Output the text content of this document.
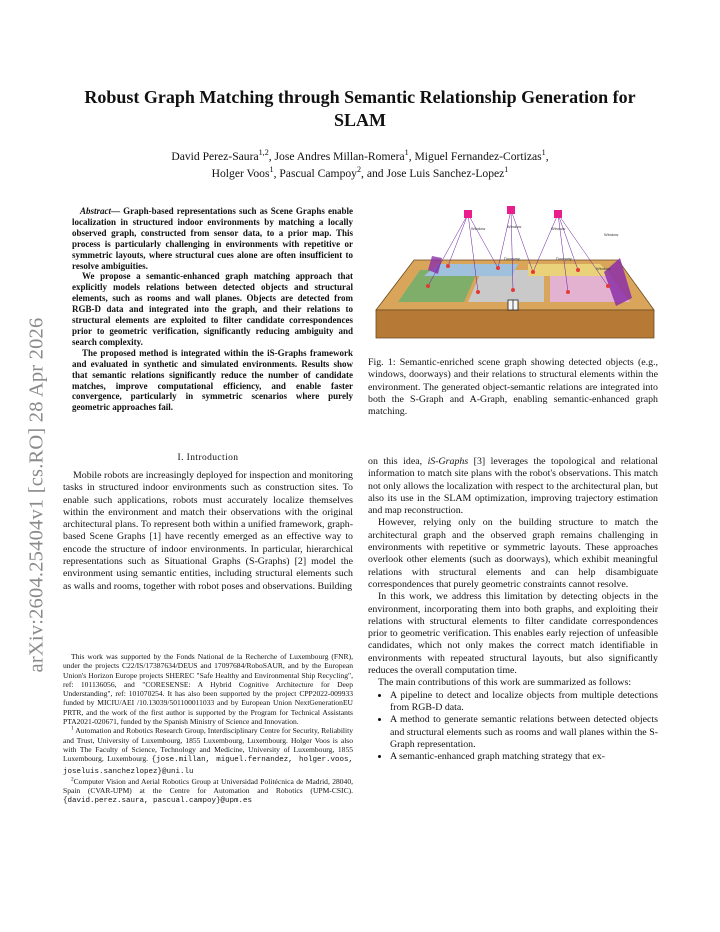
arXiv:2604.25404v1 [cs.RO] 28 Apr 2026
Robust Graph Matching through Semantic Relationship Generation for SLAM
David Perez-Saura$^{1,2}$, Jose Andres Millan-Romera$^1$, Miguel Fernandez-Cortizas$^1$,
Holger Voos$^1$, Pascual Campoy$^2$, and Jose Luis Sanchez-Lopez$^1$

Abstract— Graph-based representations such as Scene Graphs enable localization in structured indoor environments by matching a locally observed graph, constructed from sensor data, to a prior map. This process is particularly challenging in environments with repetitive or symmetric layouts, where structural cues alone are often insufficient to resolve ambiguities.

We propose a semantic-enhanced graph matching approach that explicitly models relations between detected objects and structural elements, such as rooms and wall planes. Objects are detected from RGB-D data and integrated into the graph, and their relations to structural elements are exploited to filter candidate correspondences prior to geometric verification, significantly reducing ambiguity and search complexity.

The proposed method is integrated within the iS-Graphs framework and evaluated in synthetic and simulated environments. Results show that semantic relations significantly reduce the number of candidate matches, improve computational efficiency, and enable faster convergence, particularly in symmetric scenarios where purely geometric approaches fail.

I. Introduction

Mobile robots are increasingly deployed for inspection and monitoring tasks in structured indoor environments such as construction sites. To enable such applications, robots must accurately localize themselves within the environment and match their observations with the original architectural plans. To represent both within a unified framework, graph-based Scene Graphs [1] have recently emerged as an effective way to encode the structure of indoor environments. In particular, hierarchical representations such as Situational Graphs (S-Graphs) [2] model the environment using semantic entities, including structural elements such as walls and rooms, together with robot poses and observations. Building

This work was supported by the Fonds National de la Recherche of Luxembourg (FNR), under the projects C22/IS/17387634/DEUS and 17097684/RoboSAUR, and by the European Union's Horizon Europe projects SHEREC "Safe Healthy and Environmental Ship Recycling", ref: 101136056, and "CORESENSE: A Hybrid Cognitive Architecture for Deep Understanding", ref: 101070254. It has also been supported by the project CPP2022-009933 funded by MICIU/AEI /10.13039/501100011033 and by European Union NextGenerationEU PRTR, and the work of the first author is supported by the Program for Technical Assistants PTA2021-020671, funded by the Spanish Ministry of Science and Innovation.

$^1$ Automation and Robotics Research Group, Interdisciplinary Centre for Security, Reliability and Trust, University of Luxembourg, 1855 Luxembourg, Luxembourg. Holger Voos is also with The Faculty of Science, Technology and Medicine, University of Luxembourg, 1855 Luxembourg, Luxembourg. {jose.millan, miguel.fernandez, holger.voos, joseluis.sanchezlopez}@uni.lu

$^2$Computer Vision and Aerial Robotics Group at Universidad Politécnica de Madrid, 28040, Spain (CVAR-UPM) at the Centre for Automation and Robotics (UPM-CSIC). {david.perez.saura, pascual.campoy}@upm.es

Window	Window	Window
Window
Doorway	Doorway
Window
Fig. 1: Semantic-enriched scene graph showing detected objects (e.g., windows, doorways) and their relations to structural elements within the environment. The generated object-semantic relations are integrated into both the S-Graph and A-Graph, enabling semantic-enhanced graph matching.

on this idea, iS-Graphs [3] leverages the topological and relational information to match site plans with the robot's observations. This match not only allows the localization with respect to the architectural plan, but also its use in the SLAM optimization, improving trajectory estimation and map reconstruction.

However, relying only on the building structure to match the architectural graph and the observed graph remains challenging in environments with repetitive or symmetric layouts. These approaches overlook other elements (such as doorways), which exhibit meaningful relations with structural elements and can help disambiguate correspondences that purely geometric constraints cannot resolve.

In this work, we address this limitation by detecting objects in the environment, incorporating them into both graphs, and exploiting their relations with structural elements to filter candidate correspondences prior to geometric verification. This enables early rejection of unfeasible candidates, which not only makes the correct match identifiable in environments with repeated structural layouts, but also significantly reduces the overall computation time.

The main contributions of this work are summarized as follows:

• A pipeline to detect and localize objects from multiple detections from RGB-D data.
• A method to generate semantic relations between detected objects and structural elements such as rooms and wall planes within the S-Graph representation.
• A semantic-enhanced graph matching strategy that ex-
